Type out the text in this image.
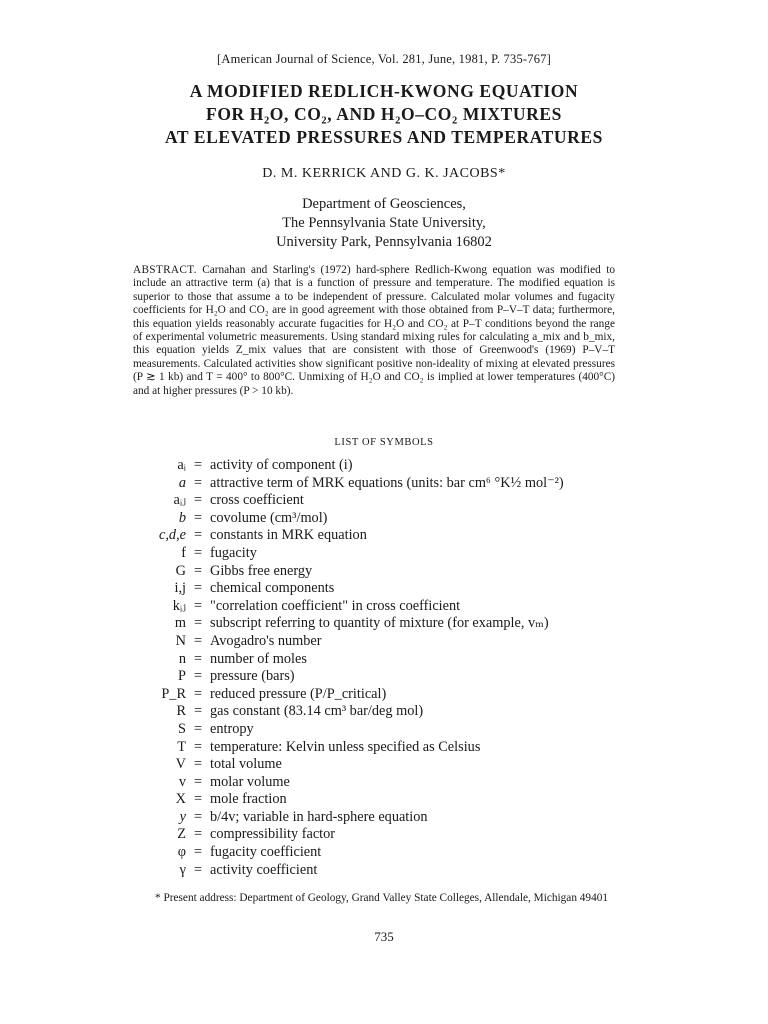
[American Journal of Science, Vol. 281, June, 1981, P. 735-767]
A MODIFIED REDLICH-KWONG EQUATION
FOR H₂O, CO₂, AND H₂O–CO₂ MIXTURES
AT ELEVATED PRESSURES AND TEMPERATURES
D. M. KERRICK AND G. K. JACOBS*
Department of Geosciences,
The Pennsylvania State University,
University Park, Pennsylvania 16802
ABSTRACT. Carnahan and Starling's (1972) hard-sphere Redlich-Kwong equation was modified to include an attractive term (a) that is a function of pressure and temperature. The modified equation is superior to those that assume a to be independent of pressure. Calculated molar volumes and fugacity coefficients for H₂O and CO₂ are in good agreement with those obtained from P–V–T data; furthermore, this equation yields reasonably accurate fugacities for H₂O and CO₂ at P–T conditions beyond the range of experimental volumetric measurements. Using standard mixing rules for calculating a_mix and b_mix, this equation yields Z_mix values that are consistent with those of Greenwood's (1969) P–V–T measurements. Calculated activities show significant positive non-ideality of mixing at elevated pressures (P ≳ 1 kb) and T = 400° to 800°C. Unmixing of H₂O and CO₂ is implied at lower temperatures (400°C) and at higher pressures (P > 10 kb).
LIST OF SYMBOLS
aᵢ = activity of component (i)
a = attractive term of MRK equations (units: bar cm⁶ °K½ mol⁻²)
aᵢⱼ = cross coefficient
b = covolume (cm³/mol)
c,d,e = constants in MRK equation
f = fugacity
G = Gibbs free energy
i,j = chemical components
kᵢⱼ = "correlation coefficient" in cross coefficient
m = subscript referring to quantity of mixture (for example, vₘ)
N = Avogadro's number
n = number of moles
P = pressure (bars)
P_R = reduced pressure (P/P_critical)
R = gas constant (83.14 cm³ bar/deg mol)
S = entropy
T = temperature: Kelvin unless specified as Celsius
V = total volume
v = molar volume
X = mole fraction
y = b/4v; variable in hard-sphere equation
Z = compressibility factor
φ = fugacity coefficient
γ = activity coefficient
* Present address: Department of Geology, Grand Valley State Colleges, Allendale, Michigan 49401
735
